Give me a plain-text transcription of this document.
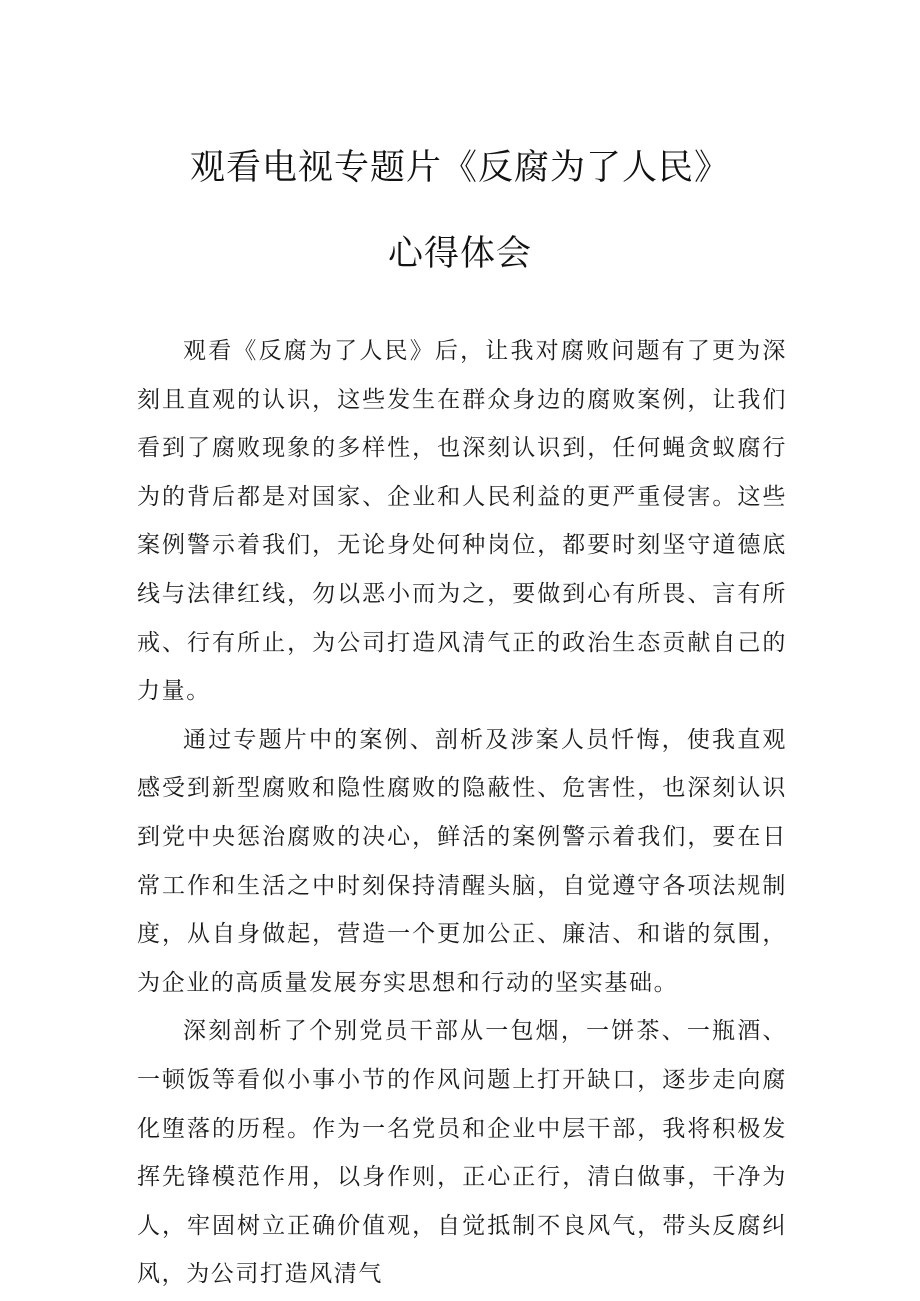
观看电视专题片《反腐为了人民》
心得体会

观看《反腐为了人民》后，让我对腐败问题有了更为深刻且直观的认识，这些发生在群众身边的腐败案例，让我们看到了腐败现象的多样性，也深刻认识到，任何蝇贪蚁腐行为的背后都是对国家、企业和人民利益的更严重侵害。这些案例警示着我们，无论身处何种岗位，都要时刻坚守道德底线与法律红线，勿以恶小而为之，要做到心有所畏、言有所戒、行有所止，为公司打造风清气正的政治生态贡献自己的力量。

通过专题片中的案例、剖析及涉案人员忏悔，使我直观感受到新型腐败和隐性腐败的隐蔽性、危害性，也深刻认识到党中央惩治腐败的决心，鲜活的案例警示着我们，要在日常工作和生活之中时刻保持清醒头脑，自觉遵守各项法规制度，从自身做起，营造一个更加公正、廉洁、和谐的氛围，为企业的高质量发展夯实思想和行动的坚实基础。

深刻剖析了个别党员干部从一包烟，一饼茶、一瓶酒、一顿饭等看似小事小节的作风问题上打开缺口，逐步走向腐化堕落的历程。作为一名党员和企业中层干部，我将积极发挥先锋模范作用，以身作则，正心正行，清白做事，干净为人，牢固树立正确价值观，自觉抵制不良风气，带头反腐纠风，为公司打造风清气
